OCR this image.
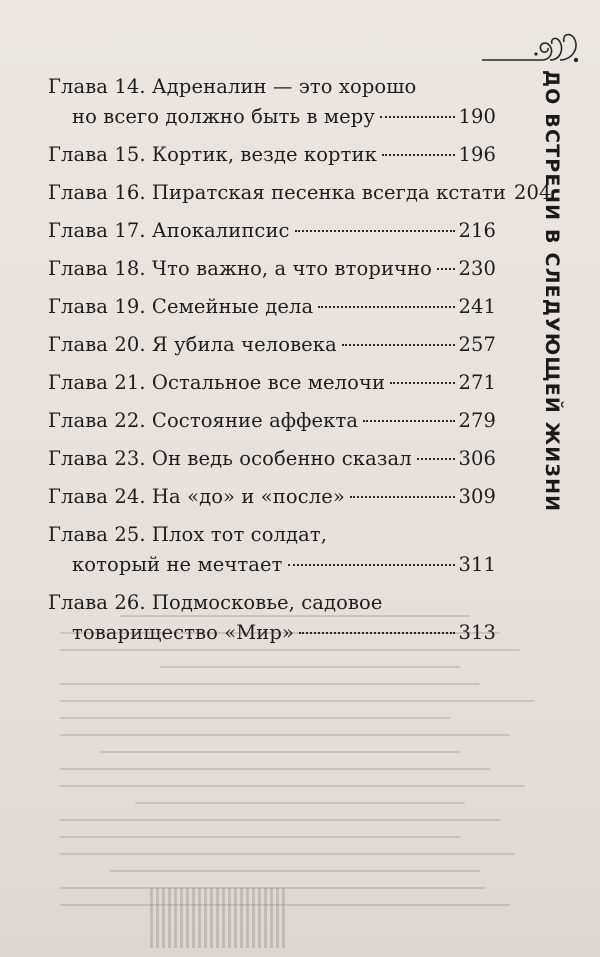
ДО ВСТРЕЧИ В СЛЕДУЮЩЕЙ ЖИЗНИ
Глава 14. Адреналин — это хорошо
но всего должно быть в меру	190
Глава 15. Кортик, везде кортик	196
Глава 16. Пиратская песенка всегда кстати 204
Глава 17. Апокалипсис	216
Глава 18. Что важно, а что вторично 230
Глава 19. Семейные дела	241
Глава 20. Я убила человека	257
Глава 21. Остальное все мелочи	271
Глава 22. Состояние аффекта	279
Глава 23. Он ведь особенно сказал 306
Глава 24. На «до» и «после»	309
Глава 25. Плох тот солдат,
который не мечтает	311
Глава 26. Подмосковье, садовое
товарищество «Мир»	313
